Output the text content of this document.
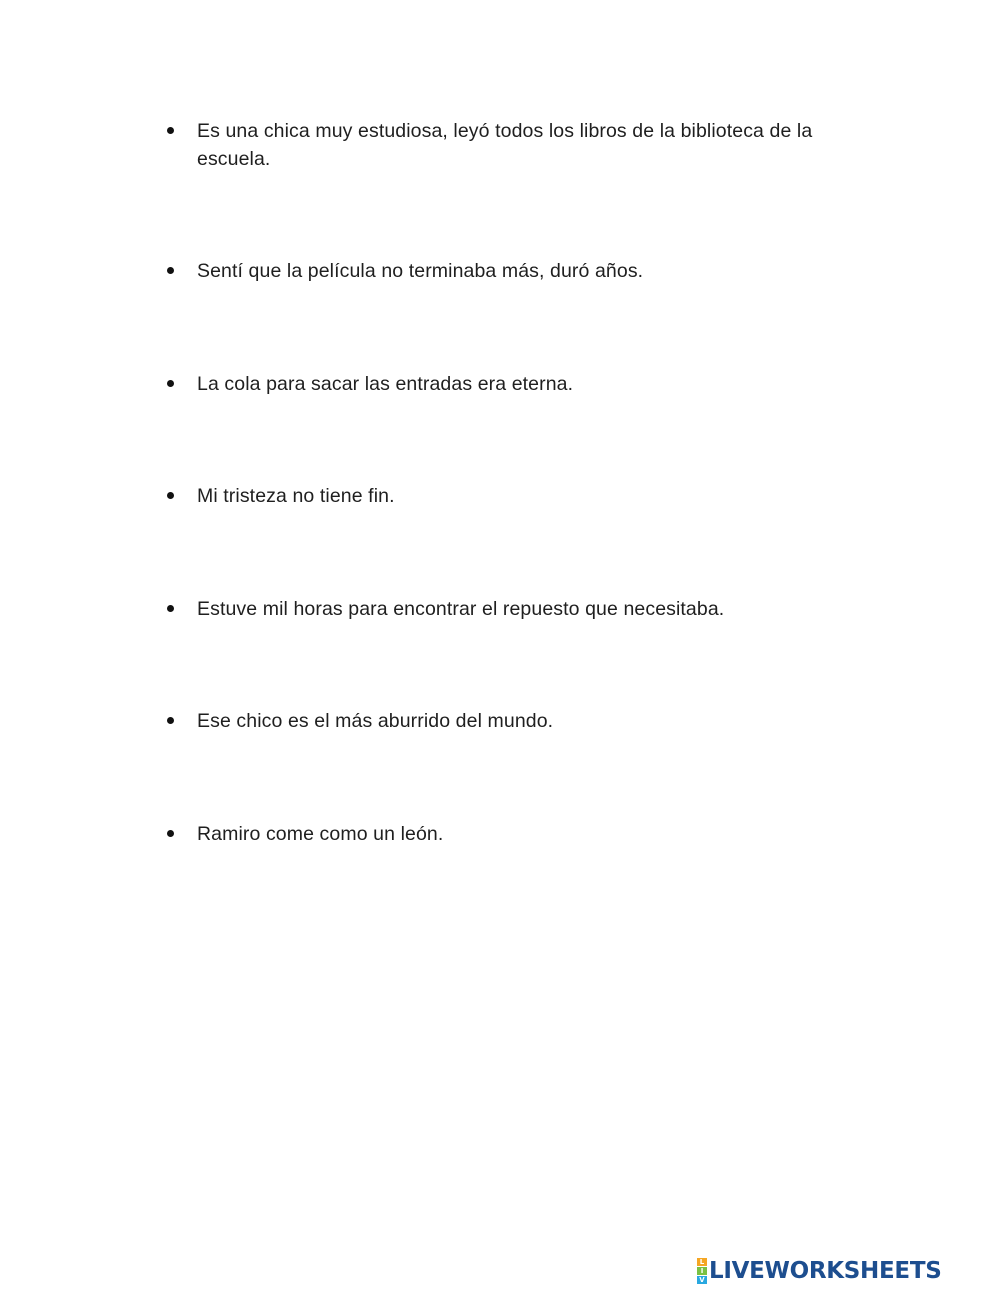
Es una chica muy estudiosa, leyó todos los libros de la biblioteca de la escuela.
Sentí que la película no terminaba más, duró años.
La cola para sacar las entradas era eterna.
Mi tristeza no tiene fin.
Estuve mil horas para encontrar el repuesto que necesitaba.
Ese chico es el más aburrido del mundo.
Ramiro come como un león.
L
I
V LIVEWORKSHEETS
